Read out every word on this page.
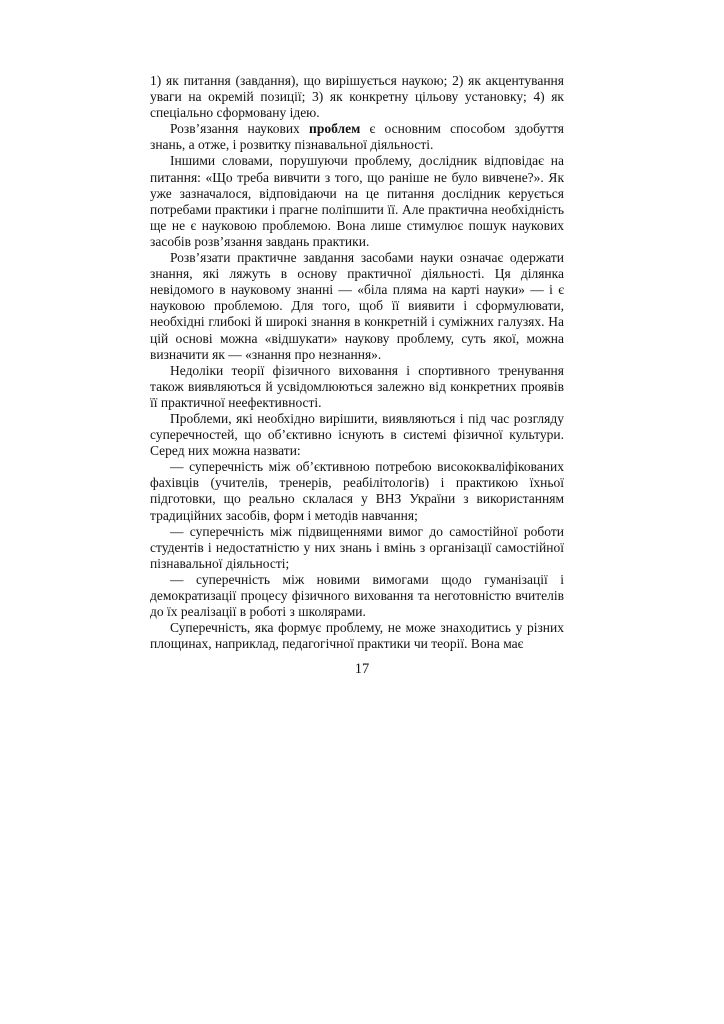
1) як питання (завдання), що вирішується наукою; 2) як акцентування уваги на окремій позиції; 3) як конкретну цільову установку; 4) як спеціально сформовану ідею.

Розв’язання наукових проблем є основним способом здобуття знань, а отже, і розвитку пізнавальної діяльності.

Іншими словами, порушуючи проблему, дослідник відповідає на питання: «Що треба вивчити з того, що раніше не було вивчене?». Як уже зазначалося, відповідаючи на це питання дослідник керується потребами практики і прагне поліпшити її. Але практична необхідність ще не є науковою проблемою. Вона лише стимулює пошук наукових засобів розв’язання завдань практики.

Розв’язати практичне завдання засобами науки означає одержати знання, які ляжуть в основу практичної діяльності. Ця ділянка невідомого в науковому знанні — «біла пляма на карті науки» — і є науковою проблемою. Для того, щоб її виявити і сформулювати, необхідні глибокі й широкі знання в конкретній і суміжних галузях. На цій основі можна «відшукати» наукову проблему, суть якої, можна визначити як — «знання про незнання».

Недоліки теорії фізичного виховання і спортивного тренування також виявляються й усвідомлюються залежно від конкретних проявів її практичної неефективності.

Проблеми, які необхідно вирішити, виявляються і під час розгляду суперечностей, що об’єктивно існують в системі фізичної культури. Серед них можна назвати:

— суперечність між об’єктивною потребою висококваліфікованих фахівців (учителів, тренерів, реабілітологів) і практикою їхньої підготовки, що реально склалася у ВНЗ України з використанням традиційних засобів, форм і методів навчання;

— суперечність між підвищеннями вимог до самостійної роботи студентів і недостатністю у них знань і вмінь з організації самостійної пізнавальної діяльності;

— суперечність між новими вимогами щодо гуманізації і демократизації процесу фізичного виховання та неготовністю вчителів до їх реалізації в роботі з школярами.

Суперечність, яка формує проблему, не може знаходитись у різних площинах, наприклад, педагогічної практики чи теорії. Вона має

17
